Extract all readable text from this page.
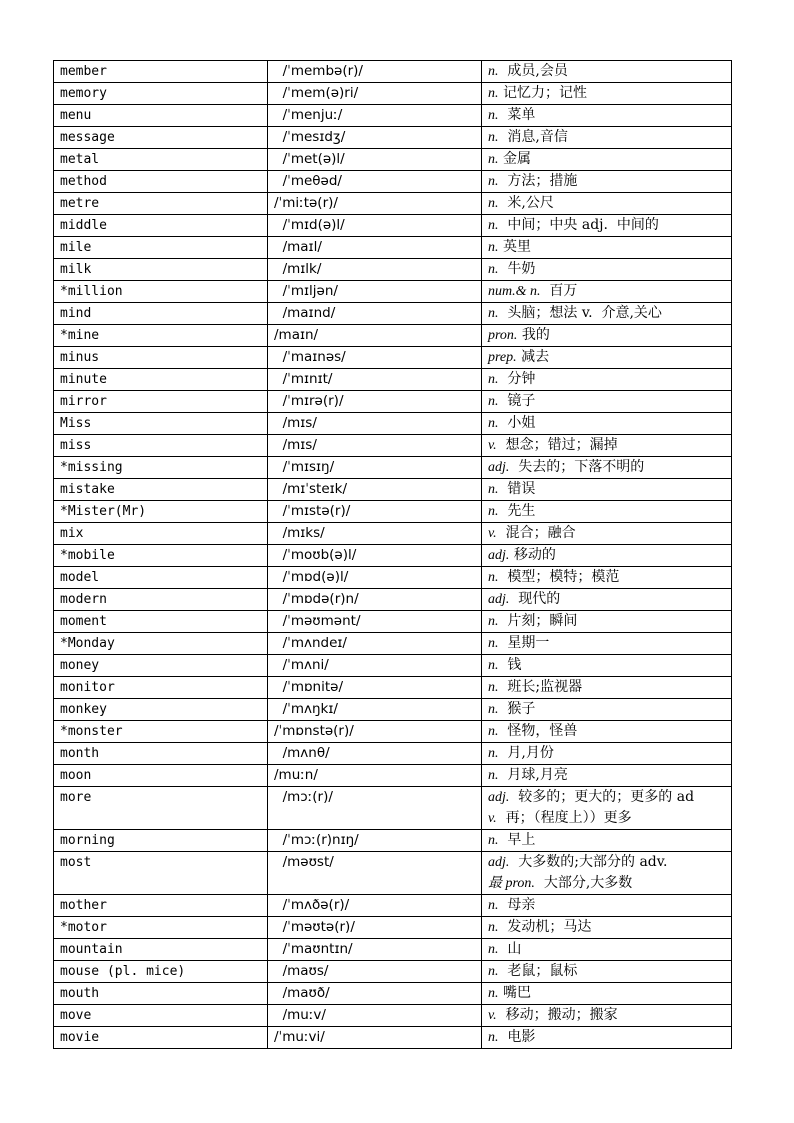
member	/ˈmembə(r)/	n.  成员,会员

memory	/ˈmem(ə)ri/	n. 记忆力；记性

menu	/ˈmenjuː/	n.  菜单

message	/ˈmesɪdʒ/	n.  消息,音信

metal	/ˈmet(ə)l/	n. 金属

method	/ˈmeθəd/	n.  方法；措施

metre	/ˈmiːtə(r)/	n.  米,公尺

middle	/ˈmɪd(ə)l/	n.  中间；中央 adj.  中间的

mile	/maɪl/	n. 英里

milk	/mɪlk/	n.  牛奶

*million	/ˈmɪljən/	num.& n.  百万

mind	/maɪnd/	n.  头脑；想法 v.  介意,关心

*mine	/maɪn/	pron. 我的

minus	/ˈmaɪnəs/	prep. 减去

minute	/ˈmɪnɪt/	n.  分钟

mirror	/ˈmɪrə(r)/	n.  镜子

Miss	/mɪs/	n.  小姐

miss	/mɪs/	v.  想念；错过；漏掉

*missing	/ˈmɪsɪŋ/	adj.  失去的；下落不明的

mistake	/mɪˈsteɪk/	n.  错误

*Mister(Mr)	/ˈmɪstə(r)/	n.  先生

mix	/mɪks/	v.  混合；融合

*mobile	/ˈmoʊb(ə)l/	adj. 移动的

model	/ˈmɒd(ə)l/	n.  模型；模特；模范

modern	/ˈmɒdə(r)n/	adj.  现代的

moment	/ˈməʊmənt/	n.  片刻；瞬间

*Monday	/ˈmʌndeɪ/	n.  星期一

money	/ˈmʌni/	n.  钱

monitor	/ˈmɒnitə/	n.  班长;监视器

monkey	/ˈmʌŋkɪ/	n.  猴子

*monster	/ˈmɒnstə(r)/	n.  怪物，怪兽

month	/mʌnθ/	n.  月,月份

moon	/muːn/	n.  月球,月亮

more	/mɔː(r)/	adj.  较多的；更大的；更多的 ad
v.  再；（程度上））更多

morning	/ˈmɔː(r)nɪŋ/	n.  早上

most	/məʊst/	adj.  大多数的;大部分的 adv.
最 pron.  大部分,大多数

mother	/ˈmʌðə(r)/	n.  母亲

*motor	/ˈməʊtə(r)/	n.  发动机；马达

mountain	/ˈmaʊntɪn/	n.  山

mouse (pl. mice)	/maʊs/	n.  老鼠；鼠标

mouth	/maʊð/	n. 嘴巴

move	/muːv/	v.  移动；搬动；搬家

movie	/ˈmuːvi/	n.  电影
